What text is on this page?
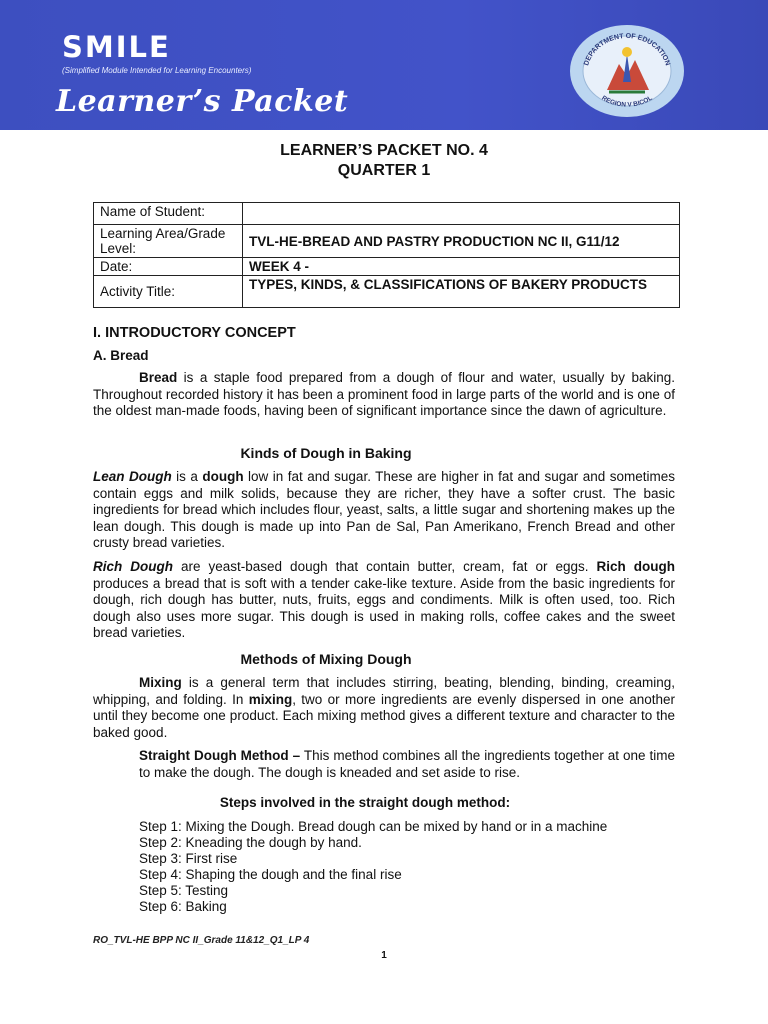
SMILE
(Simplified Module Intended for Learning Encounters)
Learner’s Packet
DEPARTMENT OF EDUCATION
REGION V BICOL
LEARNER’S PACKET NO. 4
QUARTER 1
Name of Student:	
Learning Area/Grade Level:	TVL-HE-BREAD AND PASTRY PRODUCTION NC II, G11/12
Date:	WEEK 4 -
Activity Title:	TYPES, KINDS, & CLASSIFICATIONS OF BAKERY PRODUCTS
I. INTRODUCTORY CONCEPT
A. Bread
Bread is a staple food prepared from a dough of flour and water, usually by baking. Throughout recorded history it has been a prominent food in large parts of the world and is one of the oldest man-made foods, having been of significant importance since the dawn of agriculture.
Kinds of Dough in Baking
Lean Dough is a dough low in fat and sugar. These are higher in fat and sugar and sometimes contain eggs and milk solids, because they are richer, they have a softer crust. The basic ingredients for bread which includes flour, yeast, salts, a little sugar and shortening makes up the lean dough. This dough is made up into Pan de Sal, Pan Amerikano, French Bread and other crusty bread varieties.
Rich Dough are yeast-based dough that contain butter, cream, fat or eggs. Rich dough produces a bread that is soft with a tender cake-like texture. Aside from the basic ingredients for dough, rich dough has butter, nuts, fruits, eggs and condiments. Milk is often used, too. Rich dough also uses more sugar. This dough is used in making rolls, coffee cakes and the sweet bread varieties.
Methods of Mixing Dough
Mixing is a general term that includes stirring, beating, blending, binding, creaming, whipping, and folding. In mixing, two or more ingredients are evenly dispersed in one another until they become one product. Each mixing method gives a different texture and character to the baked good.
Straight Dough Method – This method combines all the ingredients together at one time to make the dough. The dough is kneaded and set aside to rise.
Steps involved in the straight dough method:
Step 1: Mixing the Dough. Bread dough can be mixed by hand or in a machine
Step 2: Kneading the dough by hand.
Step 3: First rise
Step 4: Shaping the dough and the final rise
Step 5: Testing
Step 6: Baking
RO_TVL-HE BPP NC II_Grade 11&12_Q1_LP 4
1
